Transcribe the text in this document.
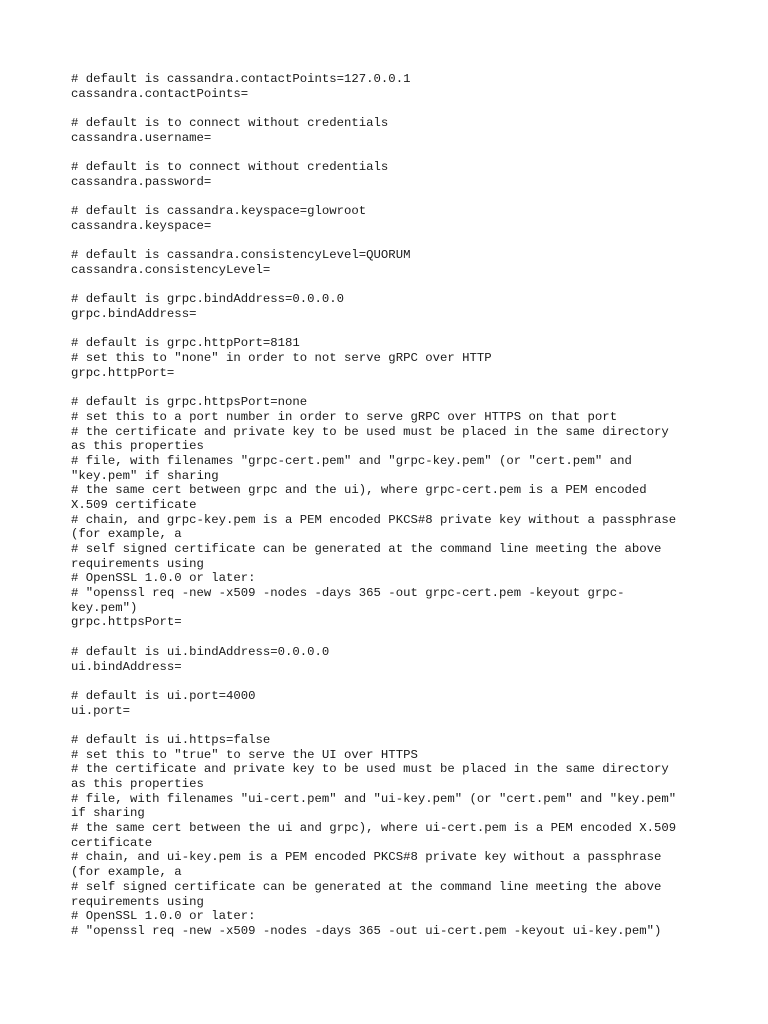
# default is cassandra.contactPoints=127.0.0.1
cassandra.contactPoints=
# default is to connect without credentials
cassandra.username=
# default is to connect without credentials
cassandra.password=
# default is cassandra.keyspace=glowroot
cassandra.keyspace=
# default is cassandra.consistencyLevel=QUORUM
cassandra.consistencyLevel=
# default is grpc.bindAddress=0.0.0.0
grpc.bindAddress=
# default is grpc.httpPort=8181
# set this to "none" in order to not serve gRPC over HTTP
grpc.httpPort=
# default is grpc.httpsPort=none
# set this to a port number in order to serve gRPC over HTTPS on that port
# the certificate and private key to be used must be placed in the same directory
as this properties
# file, with filenames "grpc-cert.pem" and "grpc-key.pem" (or "cert.pem" and
"key.pem" if sharing
# the same cert between grpc and the ui), where grpc-cert.pem is a PEM encoded
X.509 certificate
# chain, and grpc-key.pem is a PEM encoded PKCS#8 private key without a passphrase
(for example, a
# self signed certificate can be generated at the command line meeting the above
requirements using
# OpenSSL 1.0.0 or later:
# "openssl req -new -x509 -nodes -days 365 -out grpc-cert.pem -keyout grpc-
key.pem")
grpc.httpsPort=
# default is ui.bindAddress=0.0.0.0
ui.bindAddress=
# default is ui.port=4000
ui.port=
# default is ui.https=false
# set this to "true" to serve the UI over HTTPS
# the certificate and private key to be used must be placed in the same directory
as this properties
# file, with filenames "ui-cert.pem" and "ui-key.pem" (or "cert.pem" and "key.pem"
if sharing
# the same cert between the ui and grpc), where ui-cert.pem is a PEM encoded X.509
certificate
# chain, and ui-key.pem is a PEM encoded PKCS#8 private key without a passphrase
(for example, a
# self signed certificate can be generated at the command line meeting the above
requirements using
# OpenSSL 1.0.0 or later:
# "openssl req -new -x509 -nodes -days 365 -out ui-cert.pem -keyout ui-key.pem")
